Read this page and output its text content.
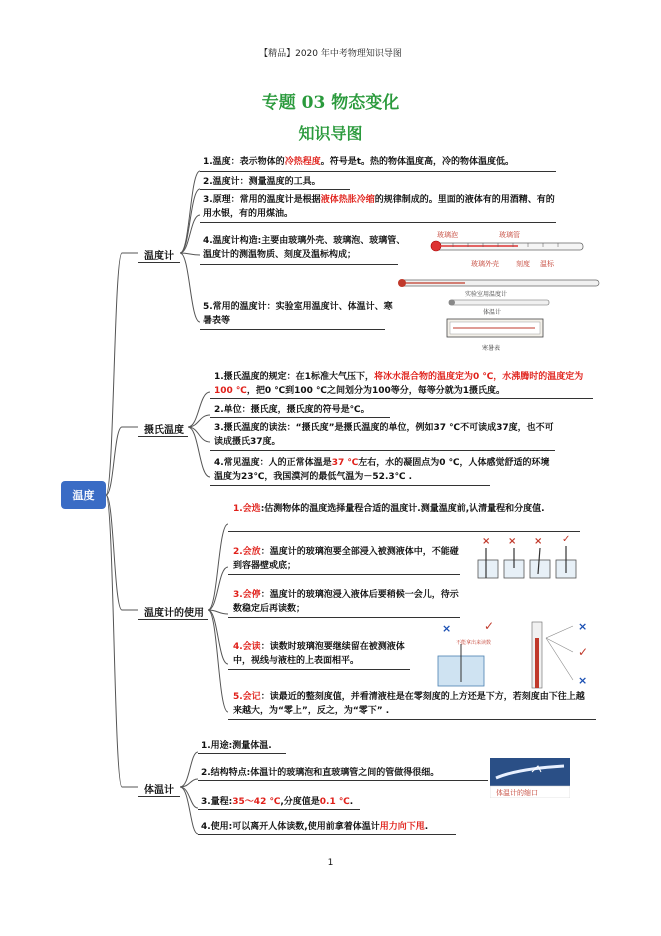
【精品】2020 年中考物理知识导图
专题 03 物态变化
知识导图
温度
温度计
摄氏温度
温度计的使用
体温计
1.温度：表示物体的冷热程度。符号是t。热的物体温度高，冷的物体温度低。
2.温度计：测量温度的工具。
3.原理：常用的温度计是根据液体热胀冷缩的规律制成的。里面的液体有的用酒精、有的用水银，有的用煤油。
4.温度计构造:主要由玻璃外壳、玻璃泡、玻璃管、温度计的测温物质、刻度及温标构成；
5.常用的温度计：实验室用温度计、体温计、寒暑表等
玻璃泡	玻璃管
玻璃外壳 刻度 温标
实验室用温度计
体温计
寒暑表
1.摄氏温度的规定：在1标准大气压下，将冰水混合物的温度定为0 ℃，水沸腾时的温度定为100 ℃，把0 ℃到100 ℃之间划分为100等分，每等分就为1摄氏度。
2.单位：摄氏度，摄氏度的符号是℃。
3.摄氏温度的读法：“摄氏度”是摄氏温度的单位，例如37 ℃不可读成37度，也不可读成摄氏37度。
4.常见温度：人的正常体温是37 ℃左右，水的凝固点为0 ℃，人体感觉舒适的环境温度为23℃，我国漠河的最低气温为－52.3℃ .
1.会选:估测物体的温度选择量程合适的温度计.测量温度前,认清量程和分度值.
2.会放：温度计的玻璃泡要全部浸入被测液体中，不能碰到容器壁或底；
3.会停：温度计的玻璃泡浸入液体后要稍候一会儿，待示数稳定后再读数；
4.会读：读数时玻璃泡要继续留在被测液体中，视线与液柱的上表面相平。
5.会记：读最近的整刻度值，并看清液柱是在零刻度的上方还是下方，若刻度由下往上越来越大，为“零上”，反之，为“零下” .
× × × ✓
×	✓
不能拿出来读数
×
✓
×
1.用途:测量体温.
2.结构特点:体温计的玻璃泡和直玻璃管之间的管做得很细。
3.量程:35～42 ℃,分度值是0.1 ℃.
4.使用:可以离开人体读数,使用前拿着体温计用力向下甩.
体温计的缩口
1
